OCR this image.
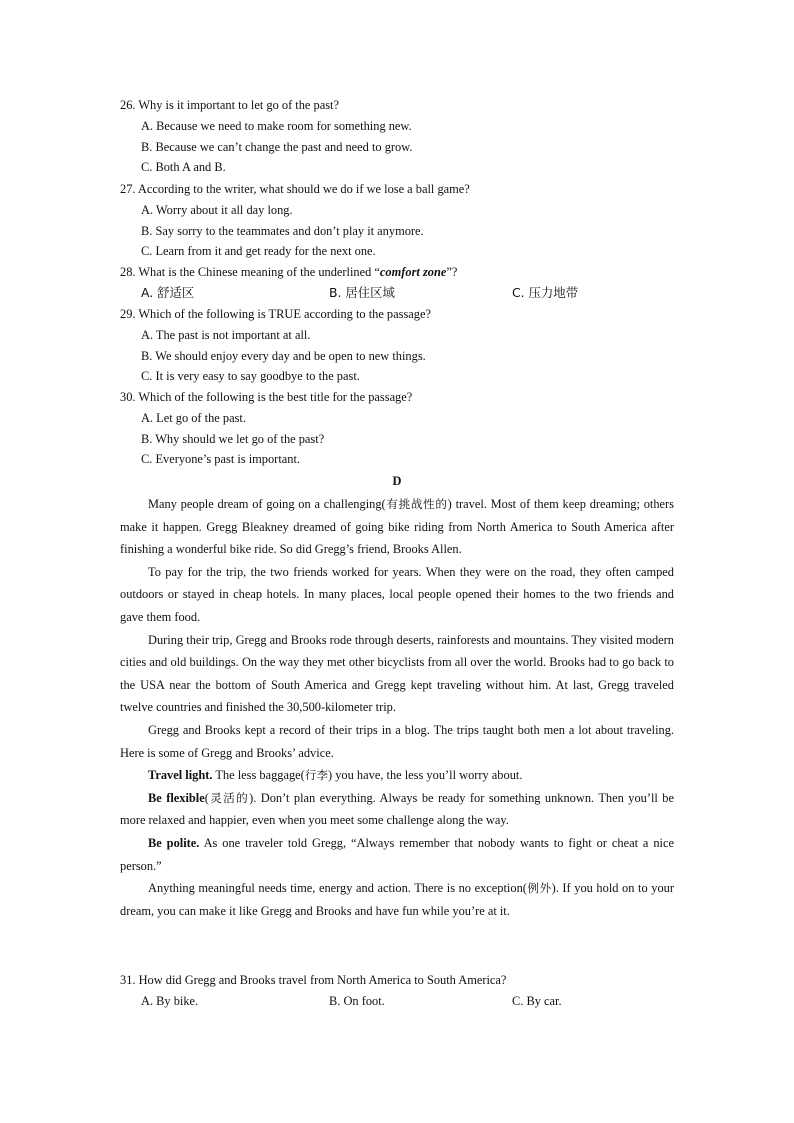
26. Why is it important to let go of the past?
A. Because we need to make room for something new.
B. Because we can’t change the past and need to grow.
C. Both A and B.
27. According to the writer, what should we do if we lose a ball game?
A. Worry about it all day long.
B. Say sorry to the teammates and don’t play it anymore.
C. Learn from it and get ready for the next one.
28. What is the Chinese meaning of the underlined “comfort zone”?
A. 舒适区	B. 居住区域	C. 压力地带
29. Which of the following is TRUE according to the passage?
A. The past is not important at all.
B. We should enjoy every day and be open to new things.
C. It is very easy to say goodbye to the past.
30. Which of the following is the best title for the passage?
A. Let go of the past.
B. Why should we let go of the past?
C. Everyone’s past is important.
D

Many people dream of going on a challenging(有挑战性的) travel. Most of them keep dreaming; others make it happen. Gregg Bleakney dreamed of going bike riding from North America to South America after finishing a wonderful bike ride. So did Gregg’s friend, Brooks Allen.

To pay for the trip, the two friends worked for years. When they were on the road, they often camped outdoors or stayed in cheap hotels. In many places, local people opened their homes to the two friends and gave them food.

During their trip, Gregg and Brooks rode through deserts, rainforests and mountains. They visited modern cities and old buildings. On the way they met other bicyclists from all over the world. Brooks had to go back to the USA near the bottom of South America and Gregg kept traveling without him. At last, Gregg traveled twelve countries and finished the 30,500-kilometer trip.

Gregg and Brooks kept a record of their trips in a blog. The trips taught both men a lot about traveling. Here is some of Gregg and Brooks’ advice.

Travel light. The less baggage(行李) you have, the less you’ll worry about.

Be flexible(灵活的). Don’t plan everything. Always be ready for something unknown. Then you’ll be more relaxed and happier, even when you meet some challenge along the way.

Be polite. As one traveler told Gregg, “Always remember that nobody wants to fight or cheat a nice person.”

Anything meaningful needs time, energy and action. There is no exception(例外). If you hold on to your dream, you can make it like Gregg and Brooks and have fun while you’re at it.

31. How did Gregg and Brooks travel from North America to South America?
A. By bike.	B. On foot.	C. By car.
